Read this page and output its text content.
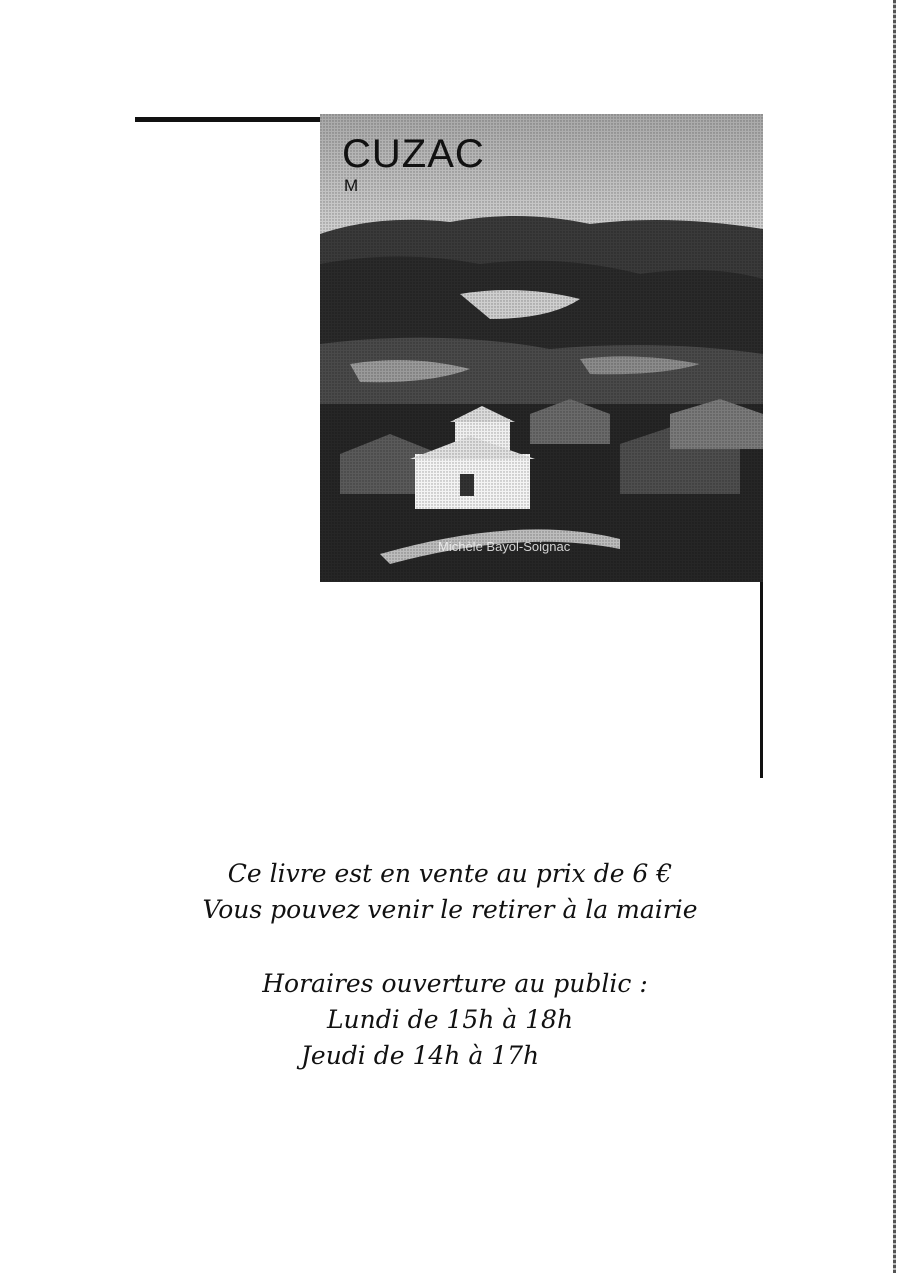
CUZAC
M
Michèle Bayol-Soignac
Ce livre est en vente au prix de 6 €
Vous pouvez venir le retirer à la mairie
Horaires ouverture au public :
Lundi de 15h à 18h
Jeudi de 14h à 17h
